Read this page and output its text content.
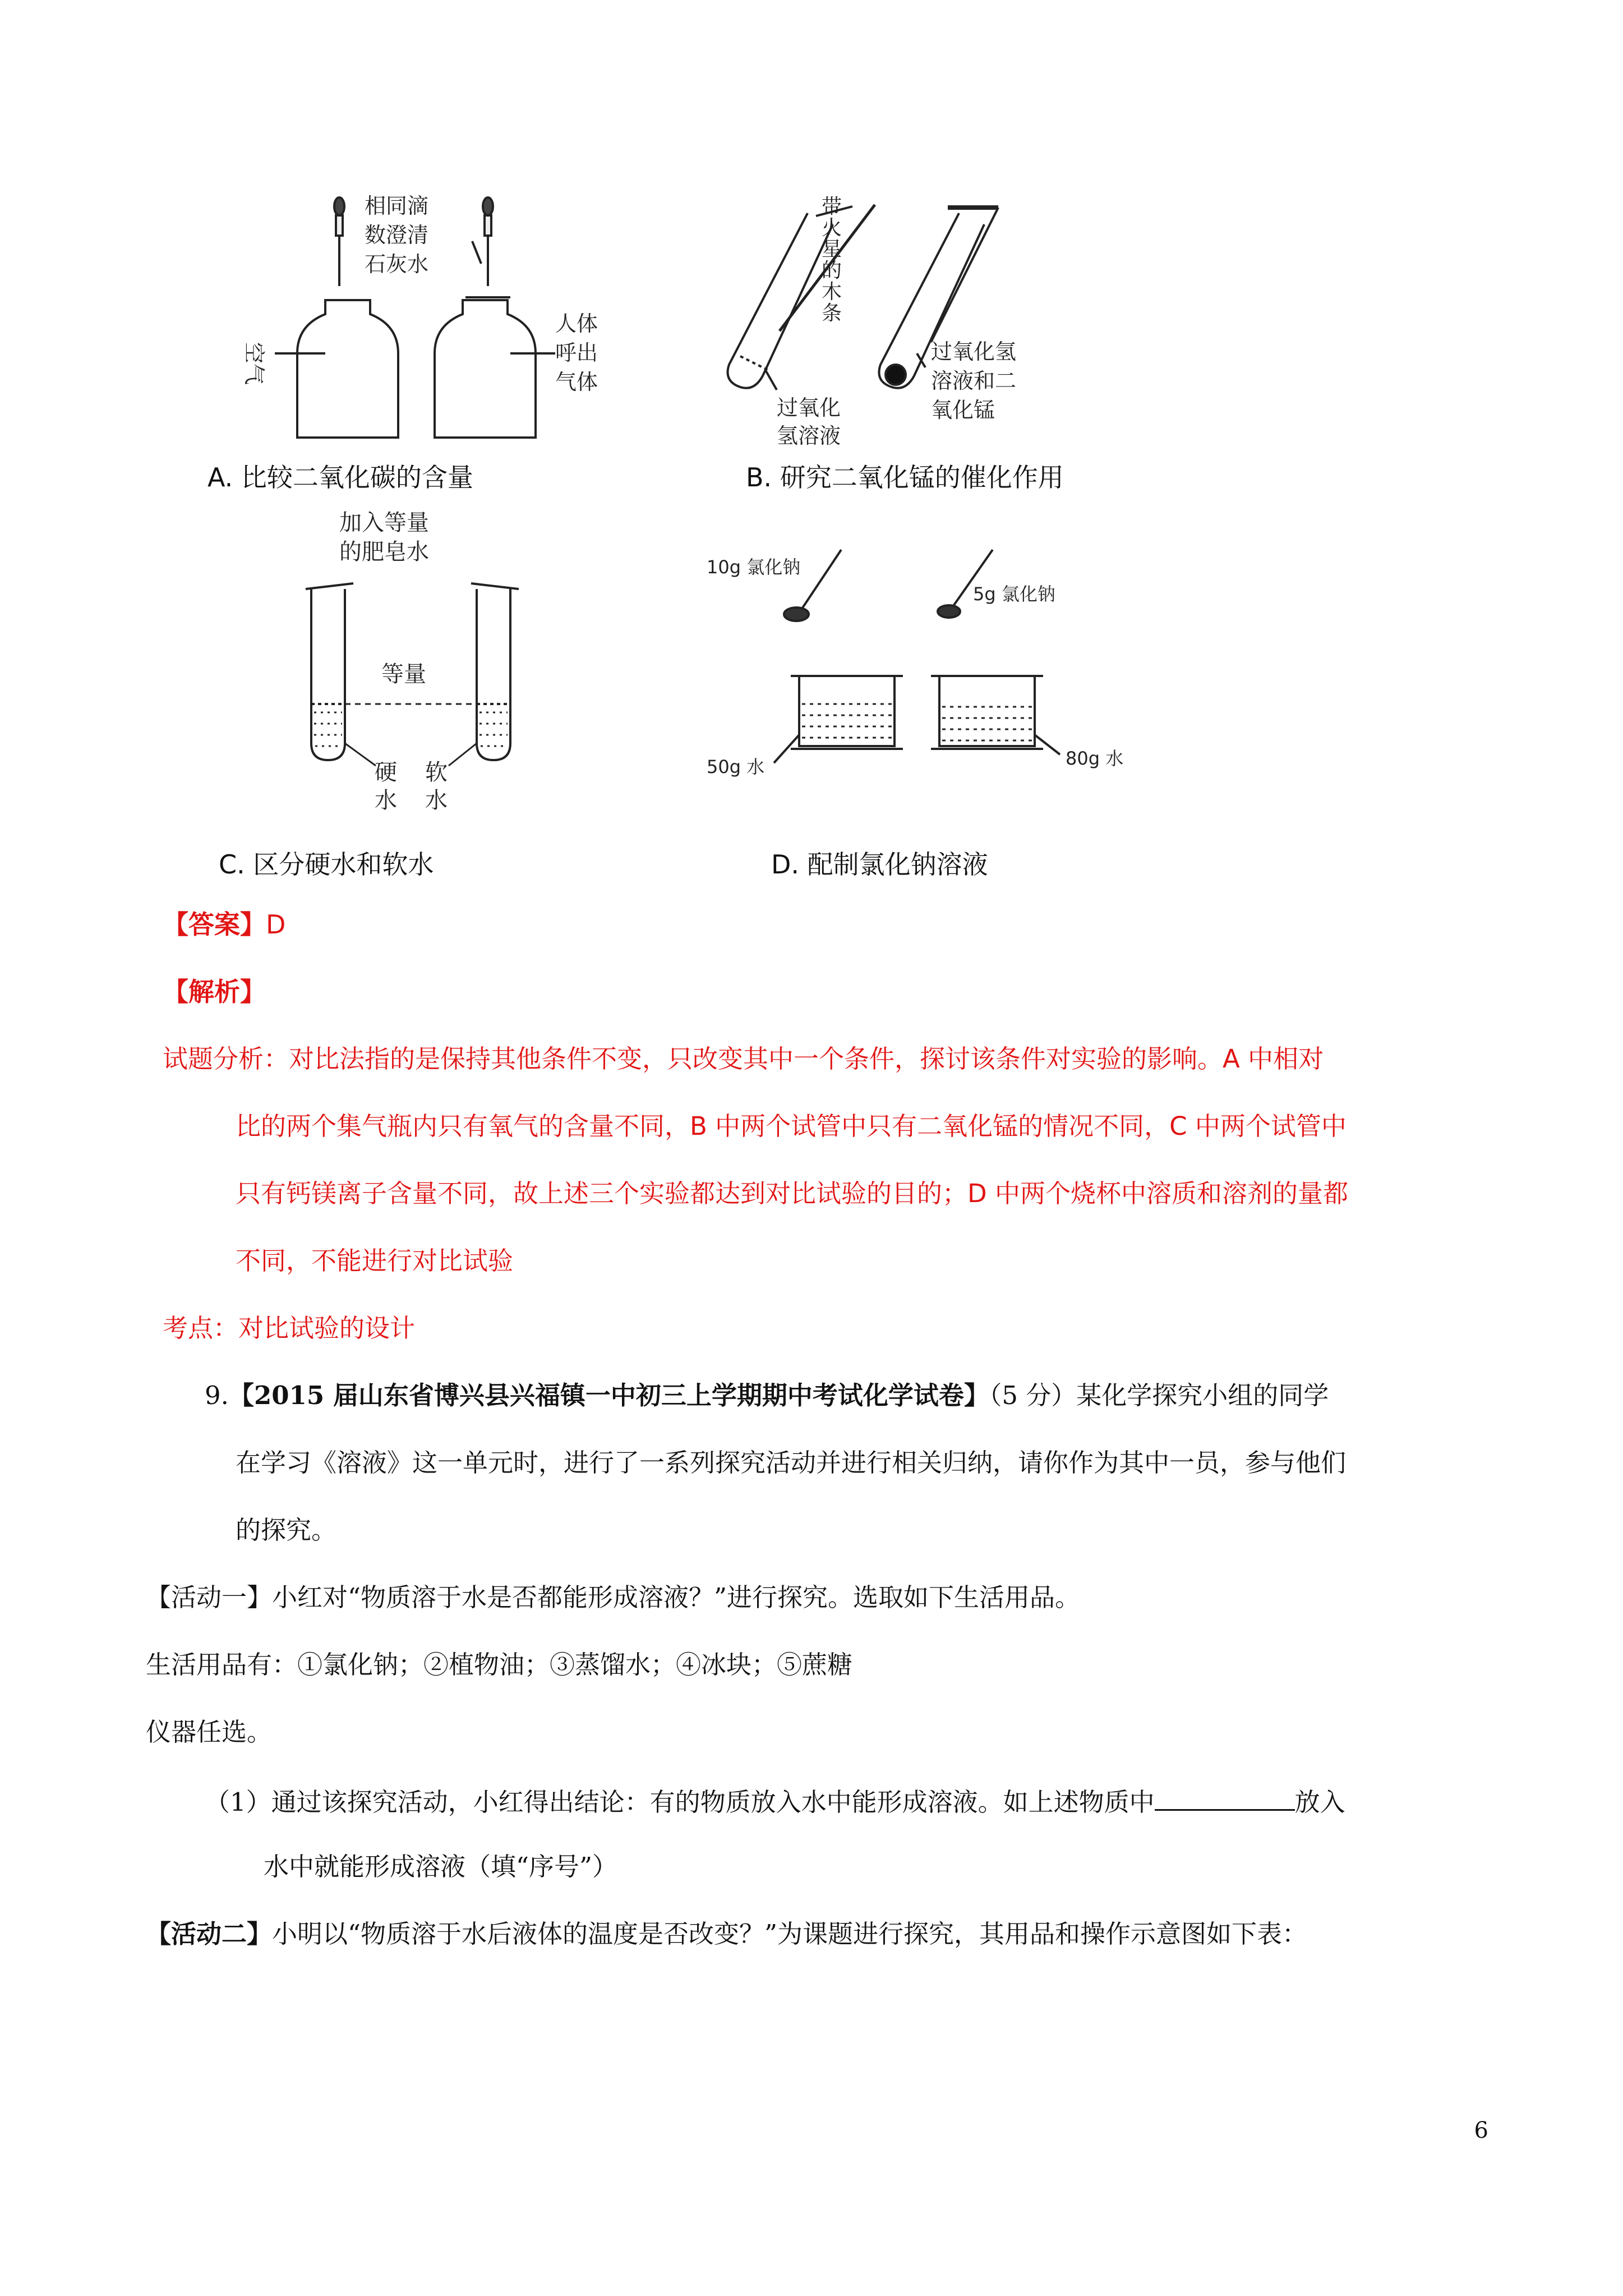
相同滴
数澄清
石灰水
空气
人体
呼出
气体
A. 比较二氧化碳的含量
带
火
星
的
木
条
过氧化
氢溶液
过氧化氢
溶液和二
氧化锰
B. 研究二氧化锰的催化作用
加入等量
的肥皂水
等量
硬
水
软
水
C. 区分硬水和软水
10g 氯化钠
5g 氯化钠
50g 水	80g 水
D. 配制氯化钠溶液
【答案】D
【解析】
试题分析：对比法指的是保持其他条件不变，只改变其中一个条件，探讨该条件对实验的影响。A 中相对
比的两个集气瓶内只有氧气的含量不同，B 中两个试管中只有二氧化锰的情况不同，C 中两个试管中
只有钙镁离子含量不同，故上述三个实验都达到对比试验的目的；D 中两个烧杯中溶质和溶剂的量都
不同，不能进行对比试验
考点：对比试验的设计
9.【2015 届山东省博兴县兴福镇一中初三上学期期中考试化学试卷】（5 分）某化学探究小组的同学
在学习《溶液》这一单元时，进行了一系列探究活动并进行相关归纳，请你作为其中一员，参与他们
的探究。
【活动一】小红对“物质溶于水是否都能形成溶液？”进行探究。选取如下生活用品。
生活用品有：①氯化钠；②植物油；③蒸馏水；④冰块；⑤蔗糖
仪器任选。
（1）通过该探究活动，小红得出结论：有的物质放入水中能形成溶液。如上述物质中	放入
水中就能形成溶液（填“序号”）
【活动二】小明以“物质溶于水后液体的温度是否改变？”为课题进行探究，其用品和操作示意图如下表：
6
